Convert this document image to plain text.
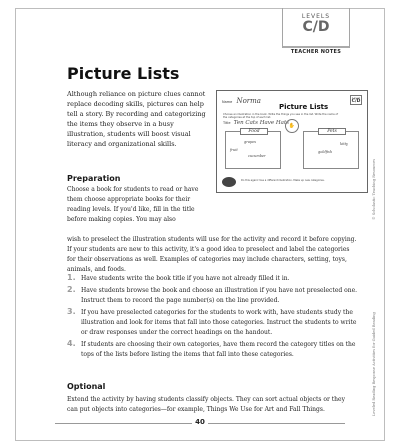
LEVELS
C/D
TEACHER NOTES
Picture Lists

Although reliance on picture clues cannot replace decoding skills, pictures can help tell a story. By recording and categorizing the items they observe in a busy illustration, students will boost visual literacy and organizational skills.

Name Norma	Level
C/D
Picture Lists
Choose an illustration in the book. Write the things you see in the list. Write the name of the categories at the top of each list.
Title Ten Cats Have Hats
Food
grapes
fruit
cucumber
✋
Pets
kitty
goldfish
Do this again! Use a different illustration. Make up new categories.	© Scholastic Teaching Resources
Leveled Reading Response Activities for Guided Reading
Preparation

Choose a book for students to read or have them choose appropriate books for their reading levels. If you'd like, fill in the title before making copies. You may also

wish to preselect the illustration students will use for the activity and record it before copying. If your students are new to this activity, it's a good idea to preselect and label the categories for their observations as well. Examples of categories may include characters, setting, toys, animals, and foods.

1. Have students write the book title if you have not already filled it in.
2. Have students browse the book and choose an illustration if you have not preselected one. Instruct them to record the page number(s) on the line provided.
3. If you have preselected categories for the students to work with, have students study the illustration and look for items that fall into those categories. Instruct the students to write or draw responses under the correct headings on the handout.
4. If students are choosing their own categories, have them record the category titles on the tops of the lists before listing the items that fall into these categories.
Optional

Extend the activity by having students classify objects. They can sort actual objects or they can put objects into categories—for example, Things We Use for Art and Fall Things.

40
